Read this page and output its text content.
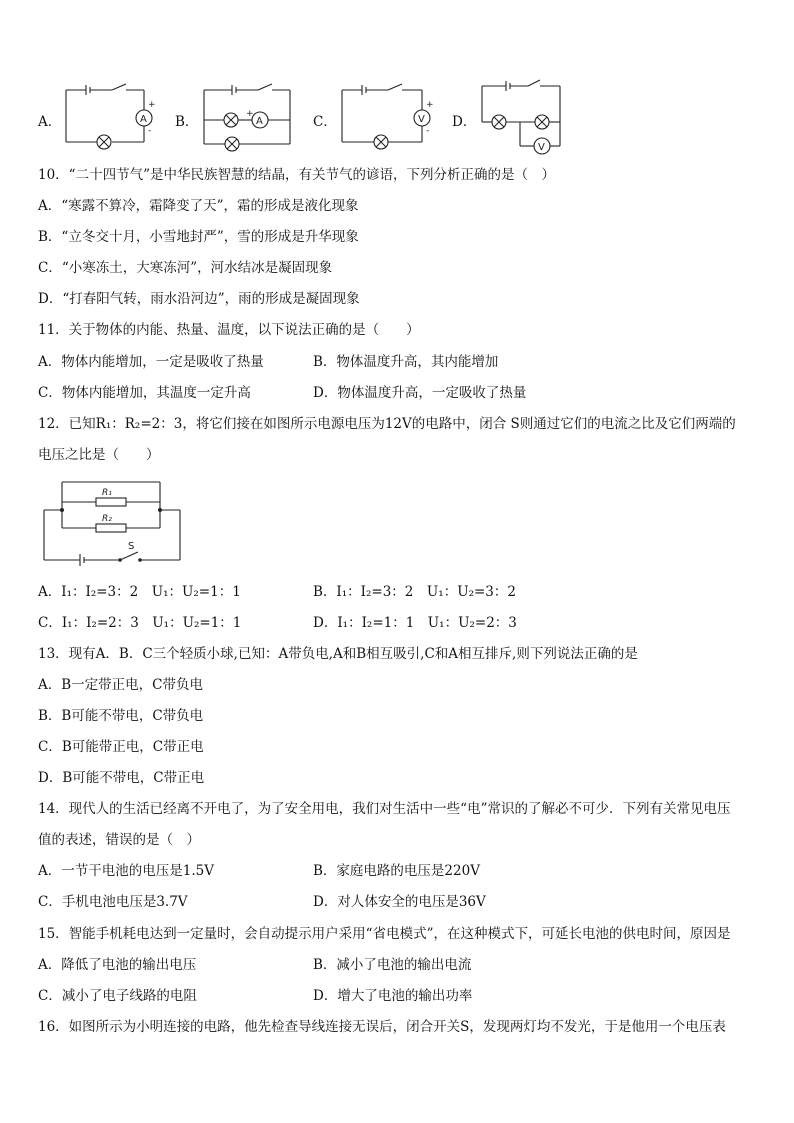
A．	A
+
-
B．	A
+	C．	V
+
-
D．
V
10．“二十四节气”是中华民族智慧的结晶，有关节气的谚语，下列分析正确的是（　）
A．“寒露不算冷，霜降变了天”，霜的形成是液化现象
B．“立冬交十月，小雪地封严”，雪的形成是升华现象
C．“小寒冻土，大寒冻河”，河水结冰是凝固现象
D．“打春阳气转，雨水沿河边”，雨的形成是凝固现象
11．关于物体的内能、热量、温度，以下说法正确的是（　　）
A．物体内能增加，一定是吸收了热量	B．物体温度升高，其内能增加
C．物体内能增加，其温度一定升高	D．物体温度升高，一定吸收了热量
12．已知R₁：R₂=2：3，将它们接在如图所示电源电压为12V的电路中，闭合 S则通过它们的电流之比及它们两端的
电压之比是（　　）
R₁
R₂
S
A．I₁：I₂=3：2　U₁：U₂=1：1	B．I₁：I₂=3：2　U₁：U₂=3：2
C．I₁：I₂=2：3　U₁：U₂=1：1	D．I₁：I₂=1：1　U₁：U₂=2：3
13．现有A．B．C三个轻质小球,已知：A带负电,A和B相互吸引,C和A相互排斥,则下列说法正确的是
A．B一定带正电，C带负电
B．B可能不带电，C带负电
C．B可能带正电，C带正电
D．B可能不带电，C带正电
14．现代人的生活已经离不开电了，为了安全用电，我们对生活中一些“电”常识的了解必不可少．下列有关常见电压
值的表述，错误的是（　）
A．一节干电池的电压是1.5V	B．家庭电路的电压是220V
C．手机电池电压是3.7V	D．对人体安全的电压是36V
15．智能手机耗电达到一定量时，会自动提示用户采用“省电模式”，在这种模式下，可延长电池的供电时间，原因是
A．降低了电池的输出电压	B．减小了电池的输出电流
C．减小了电子线路的电阻	D．增大了电池的输出功率
16．如图所示为小明连接的电路，他先检查导线连接无误后，闭合开关S，发现两灯均不发光，于是他用一个电压表
